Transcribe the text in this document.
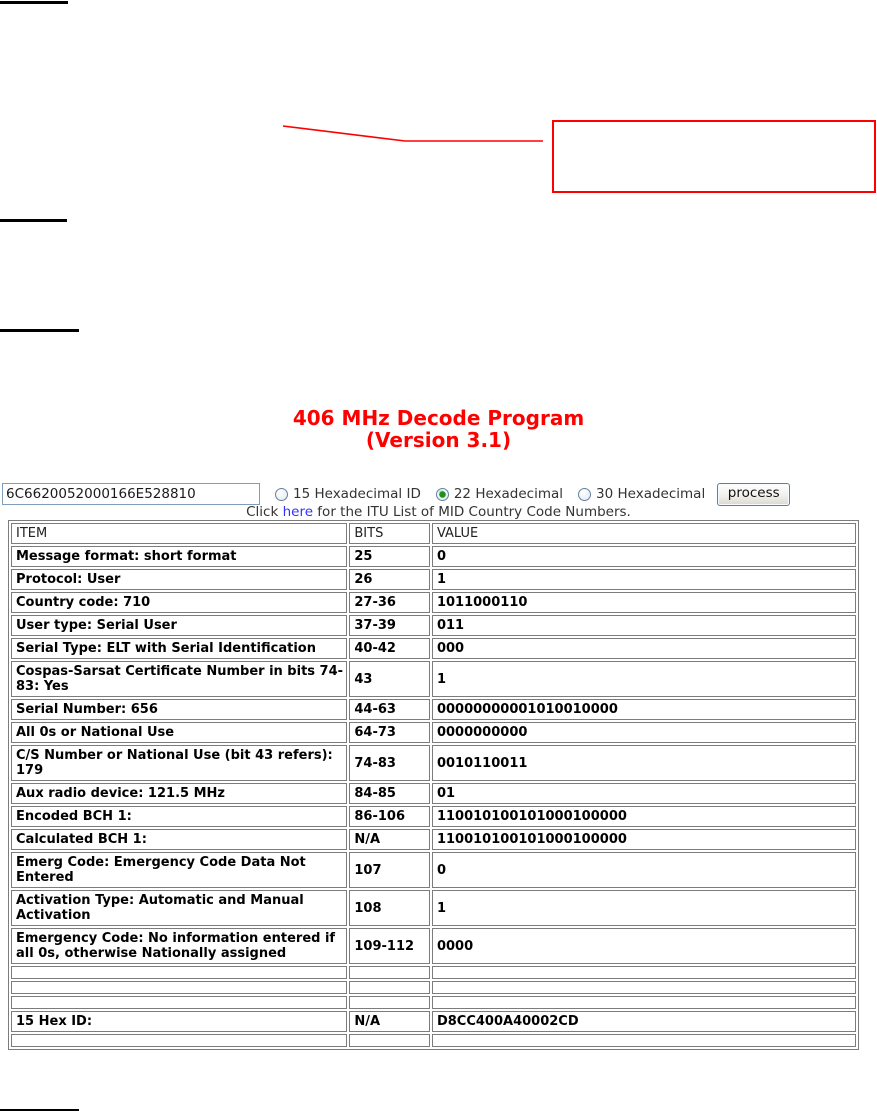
406 MHz Decode Program
(Version 3.1)
6C6620052000166E528810
15 Hexadecimal ID 22 Hexadecimal 30 Hexadecimal	process
Click here for the ITU List of MID Country Code Numbers.
ITEM	BITS	VALUE
Message format: short format	25	0
Protocol: User	26	1
Country code: 710	27-36	1011000110
User type: Serial User	37-39	011
Serial Type: ELT with Serial Identification	40-42	000
Cospas-Sarsat Certificate Number in bits 74-83: Yes	43	1
Serial Number: 656	44-63	00000000001010010000
All 0s or National Use	64-73	0000000000
C/S Number or National Use (bit 43 refers): 179	74-83	0010110011
Aux radio device: 121.5 MHz	84-85	01
Encoded BCH 1:	86-106	110010100101000100000
Calculated BCH 1:	N/A	110010100101000100000
Emerg Code: Emergency Code Data Not Entered	107	0
Activation Type: Automatic and Manual Activation	108	1
Emergency Code: No information entered if all 0s, otherwise Nationally assigned	109-112	0000

15 Hex ID:	N/A	D8CC400A40002CD
